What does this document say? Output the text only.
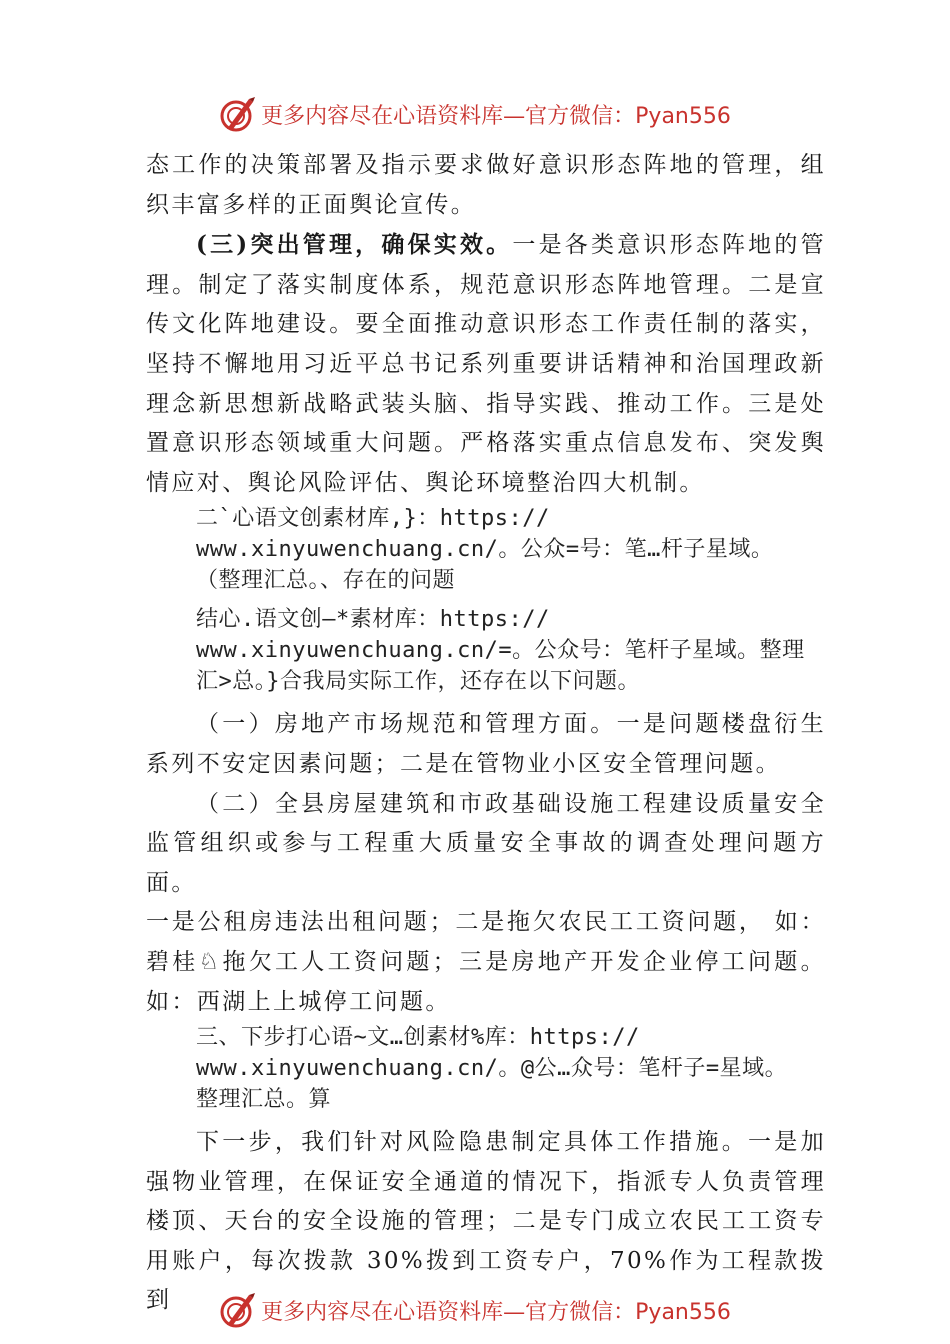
更多内容尽在心语资料库—官方微信：Pyan556

态工作的决策部署及指示要求做好意识形态阵地的管理，组织丰富多样的正面舆论宣传。

(三)突出管理，确保实效。一是各类意识形态阵地的管理。制定了落实制度体系，规范意识形态阵地管理。二是宣传文化阵地建设。要全面推动意识形态工作责任制的落实，坚持不懈地用习近平总书记系列重要讲话精神和治国理政新理念新思想新战略武装头脑、指导实践、推动工作。三是处置意识形态领域重大问题。严格落实重点信息发布、突发舆情应对、舆论风险评估、舆论环境整治四大机制。

二`心语文创素材库,}：https://
www.xinyuwenchuang.cn/。公众=号：笔…杆子星域。
（整理汇总。、存在的问题
结心.语文创—*素材库：https://
www.xinyuwenchuang.cn/=。公众号：笔杆子星域。整理
汇>总。}合我局实际工作，还存在以下问题。

（一）房地产市场规范和管理方面。一是问题楼盘衍生系列不安定因素问题；二是在管物业小区安全管理问题。

（二）全县房屋建筑和市政基础设施工程建设质量安全监管组织或参与工程重大质量安全事故的调查处理问题方面。

一是公租房违法出租问题；二是拖欠农民工工资问题， 如：碧桂♘拖欠工人工资问题；三是房地产开发企业停工问题。如：西湖上上城停工问题。

三、下步打心语~文…创素材%库：https://
www.xinyuwenchuang.cn/。@公…众号：笔杆子=星域。
整理汇总。算

下一步，我们针对风险隐患制定具体工作措施。一是加强物业管理，在保证安全通道的情况下，指派专人负责管理楼顶、天台的安全设施的管理；二是专门成立农民工工资专用账户，每次拨款 30%拨到工资专户，70%作为工程款拨到	更多内容尽在心语资料库—官方微信：Pyan556
